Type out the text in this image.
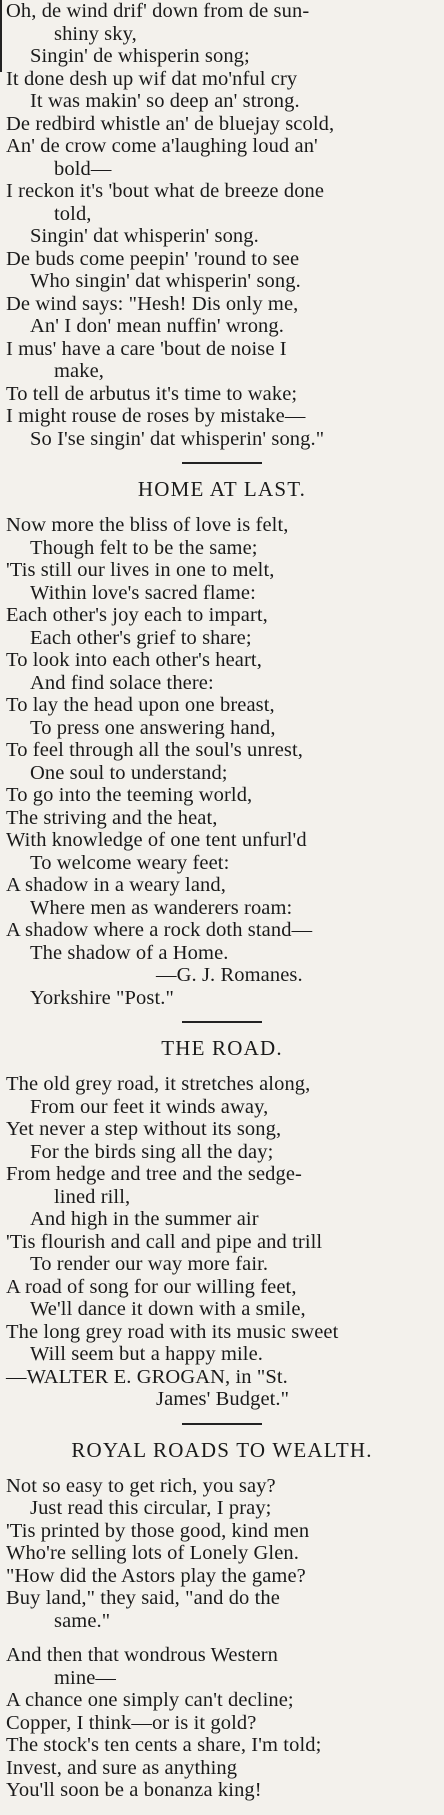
Oh, de wind drif' down from de sun-
shiny sky,
Singin' de whisperin song;
It done desh up wif dat mo'nful cry
It was makin' so deep an' strong.
De redbird whistle an' de bluejay scold,
An' de crow come a'laughing loud an'
bold—
I reckon it's 'bout what de breeze done
told,
Singin' dat whisperin' song.
De buds come peepin' 'round to see
Who singin' dat whisperin' song.
De wind says: "Hesh! Dis only me,
An' I don' mean nuffin' wrong.
I mus' have a care 'bout de noise I
make,
To tell de arbutus it's time to wake;
I might rouse de roses by mistake—
So I'se singin' dat whisperin' song."
HOME AT LAST.
Now more the bliss of love is felt,
Though felt to be the same;
'Tis still our lives in one to melt,
Within love's sacred flame:
Each other's joy each to impart,
Each other's grief to share;
To look into each other's heart,
And find solace there:
To lay the head upon one breast,
To press one answering hand,
To feel through all the soul's unrest,
One soul to understand;
To go into the teeming world,
The striving and the heat,
With knowledge of one tent unfurl'd
To welcome weary feet:
A shadow in a weary land,
Where men as wanderers roam:
A shadow where a rock doth stand—
The shadow of a Home.
—G. J. Romanes.
Yorkshire "Post."
THE ROAD.
The old grey road, it stretches along,
From our feet it winds away,
Yet never a step without its song,
For the birds sing all the day;
From hedge and tree and the sedge-
lined rill,
And high in the summer air
'Tis flourish and call and pipe and trill
To render our way more fair.
A road of song for our willing feet,
We'll dance it down with a smile,
The long grey road with its music sweet
Will seem but a happy mile.
—WALTER E. GROGAN, in "St.
James' Budget."
ROYAL ROADS TO WEALTH.
Not so easy to get rich, you say?
Just read this circular, I pray;
'Tis printed by those good, kind men
Who're selling lots of Lonely Glen.
"How did the Astors play the game?
Buy land," they said, "and do the
same."
And then that wondrous Western
mine—
A chance one simply can't decline;
Copper, I think—or is it gold?
The stock's ten cents a share, I'm told;
Invest, and sure as anything
You'll soon be a bonanza king!
